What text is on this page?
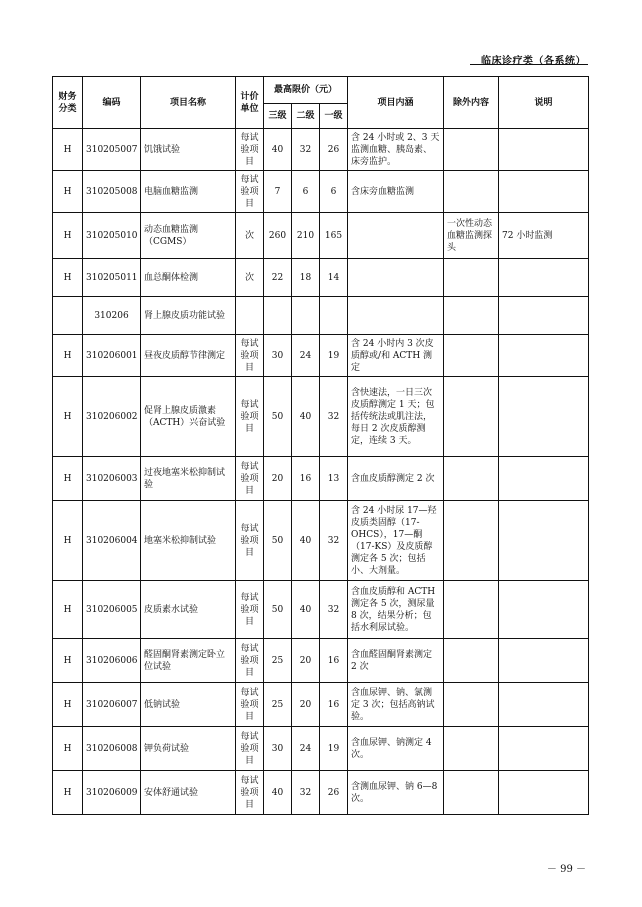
临床诊疗类（各系统）
财务分类	编码	项目名称	计价单位	最高限价（元）			项目内涵	除外内容	说明
				三级	二级	一级			
H	310205007	饥饿试验	每试验项目	40	32	26	含 24 小时或 2、3 天监测血糖、胰岛素、床旁监护。		
H	310205008	电脑血糖监测	每试验项目	7	6	6	含床旁血糖监测		
H	310205010	动态血糖监测（CGMS）	次	260	210	165		一次性动态血糖监测探头	72 小时监测
H	310205011	血总酮体检测	次	22	18	14			
	310206	肾上腺皮质功能试验							
H	310206001	昼夜皮质醇节律测定	每试验项目	30	24	19	含 24 小时内 3 次皮质醇或/和 ACTH 测定		
H	310206002	促肾上腺皮质激素（ACTH）兴奋试验	每试验项目	50	40	32	含快速法，一日三次皮质醇测定 1 天；包括传统法或肌注法，每日 2 次皮质醇测定，连续 3 天。		
H	310206003	过夜地塞米松抑制试验	每试验项目	20	16	13	含血皮质醇测定 2 次		
H	310206004	地塞米松抑制试验	每试验项目	50	40	32	含 24 小时尿 17—羟皮质类固醇（17-OHCS），17—酮（17-KS）及皮质醇测定各 5 次；包括小、大剂量。		
H	310206005	皮质素水试验	每试验项目	50	40	32	含血皮质醇和 ACTH 测定各 5 次，测尿量 8 次，结果分析；包括水利尿试验。		
H	310206006	醛固酮肾素测定卧立位试验	每试验项目	25	20	16	含血醛固酮肾素测定 2 次		
H	310206007	低钠试验	每试验项目	25	20	16	含血尿钾、钠、氯测定 3 次；包括高钠试验。		
H	310206008	钾负荷试验	每试验项目	30	24	19	含血尿钾、钠测定 4 次。		
H	310206009	安体舒通试验	每试验项目	40	32	26	含测血尿钾、钠 6—8 次。		
－ 99 －
